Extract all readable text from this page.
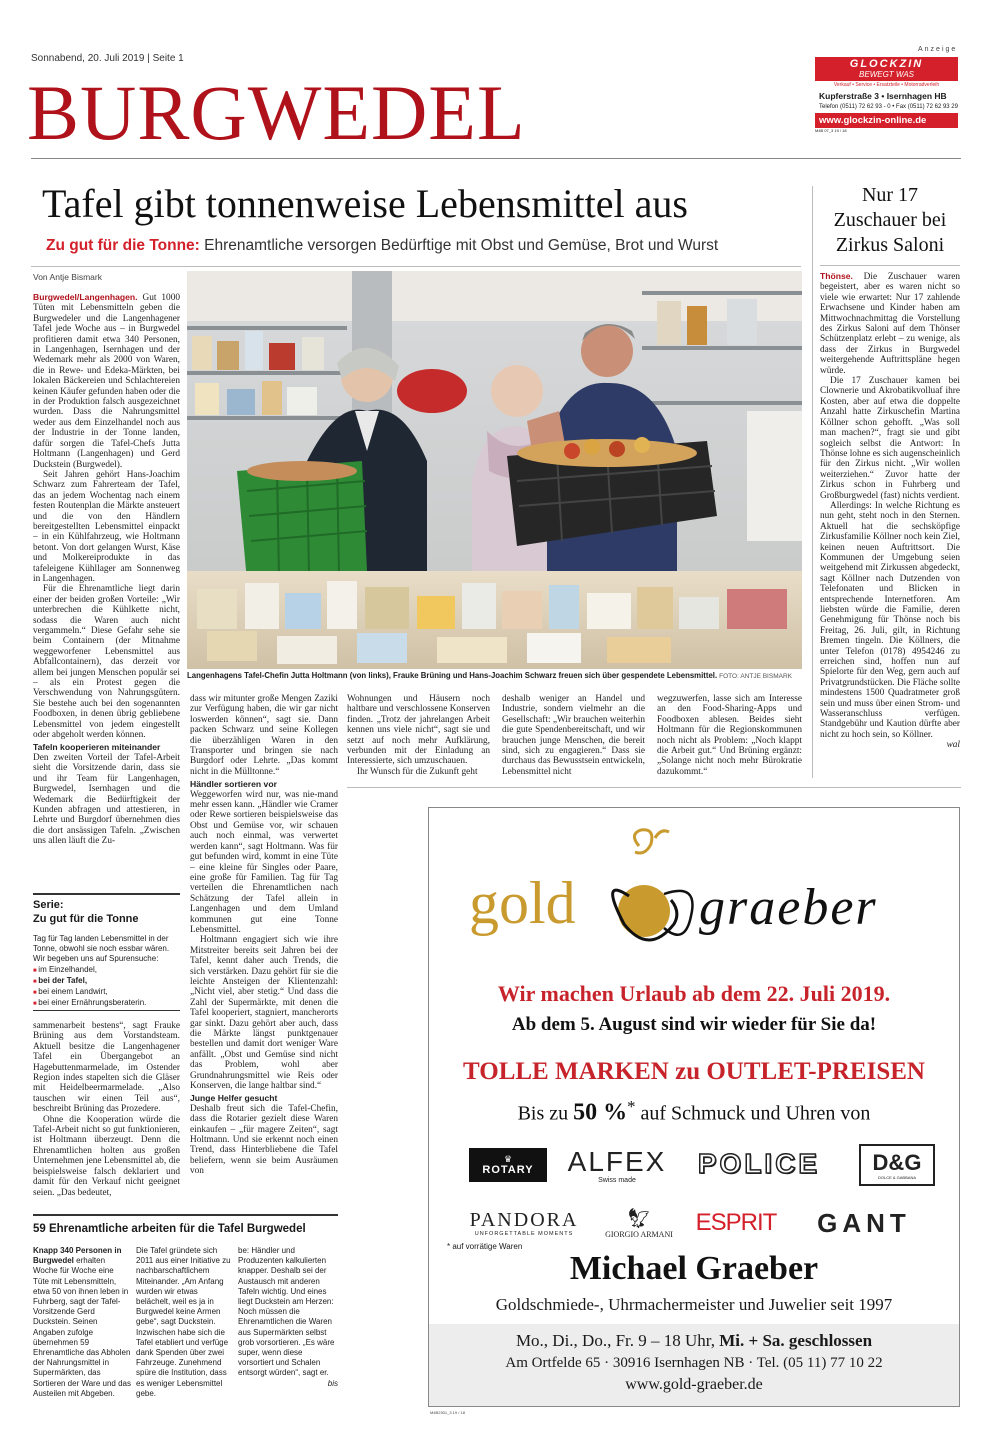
Sonnabend, 20. Juli 2019 | Seite 1
BURGWEDEL
Anzeige
GLOCKZIN
BEWEGT WAS
Verkauf • Service • Ersatzteile • Motorradverleih
Kupferstraße 3 • Isernhagen HB
Telefon (0511) 72 62 93 - 0 • Fax (0511) 72 62 93 29
www.glockzin-online.de
M4B 07_3 19 / 18
Tafel gibt tonnenweise Lebensmittel aus
Zu gut für die Tonne: Ehrenamtliche versorgen Bedürftige mit Obst und Gemüse, Brot und Wurst
Von Antje Bismark
Langenhagens Tafel-Chefin Jutta Holtmann (von links), Frauke Brüning und Hans-Joachim Schwarz freuen sich über gespendete Lebensmittel. FOTO: ANTJE BISMARK

Burgwedel/Langenhagen. Gut 1000 Tüten mit Lebensmitteln geben die Burgwedeler und die Langenhagener Tafel jede Woche aus – in Burgwedel profitieren damit etwa 340 Personen, in Langenhagen, Isernhagen und der Wedemark mehr als 2000 von Waren, die in Rewe- und Edeka-Märkten, bei lokalen Bäckereien und Schlachtereien keinen Käufer gefunden haben oder die in der Produktion falsch ausgezeichnet wurden. Dass die Nahrungsmittel weder aus dem Einzelhandel noch aus der Industrie in der Tonne landen, dafür sorgen die Tafel-Chefs Jutta Holtmann (Langenhagen) und Gerd Duckstein (Burgwedel).

Seit Jahren gehört Hans-Joachim Schwarz zum Fahrerteam der Tafel, das an jedem Wochentag nach einem festen Routenplan die Märkte ansteuert und die von den Händlern bereitgestellten Lebensmittel einpackt – in ein Kühlfahrzeug, wie Holtmann betont. Von dort gelangen Wurst, Käse und Molkereiprodukte in das tafeleigene Kühllager am Sonnenweg in Langenhagen.

Für die Ehrenamtliche liegt darin einer der beiden großen Vorteile: „Wir unterbrechen die Kühlkette nicht, sodass die Waren auch nicht vergammeln.“ Diese Gefahr sehe sie beim Containern (der Mitnahme weggeworfener Lebensmittel aus Abfallcontainern), das derzeit vor allem bei jungen Menschen populär sei – als ein Protest gegen die Verschwendung von Nahrungsgütern. Sie bestehe auch bei den sogenannten Foodboxen, in denen übrig gebliebene Lebensmittel von jedem eingestellt oder abgeholt werden können.

Tafeln kooperieren miteinander

Den zweiten Vorteil der Tafel-Arbeit sieht die Vorsitzende darin, dass sie und ihr Team für Langenhagen, Burgwedel, Isernhagen und die Wedemark die Bedürftigkeit der Kunden abfragen und attestieren, in Lehrte und Burgdorf übernehmen dies die dort ansässigen Tafeln. „Zwischen uns allen läuft die Zu-

Serie:
Zu gut für die Tonne
Tag für Tag landen Lebensmittel in der Tonne, obwohl sie noch essbar wären. Wir begeben uns auf Spurensuche:
■ im Einzelhandel,
■ bei der Tafel,
■ bei einem Landwirt,
■ bei einer Ernährungsberaterin.

sammenarbeit bestens“, sagt Frauke Brüning aus dem Vorstandsteam. Aktuell besitze die Langenhagener Tafel ein Übergangebot an Hagebuttenmarmelade, im Ostender Region indes stapelten sich die Gläser mit Heidelbeermarmelade. „Also tauschen wir einen Teil aus“, beschreibt Brüning das Prozedere.

Ohne die Kooperation würde die Tafel-Arbeit nicht so gut funktionieren, ist Holtmann überzeugt. Denn die Ehrenamtlichen holten aus großen Unternehmen jene Lebensmittel ab, die beispielsweise falsch deklariert und damit für den Verkauf nicht geeignet seien. „Das bedeutet,

dass wir mitunter große Mengen Zaziki zur Verfügung haben, die wir gar nicht loswerden können“, sagt sie. Dann packen Schwarz und seine Kollegen die überzähligen Waren in den Transporter und bringen sie nach Burgdorf oder Lehrte. „Das kommt nicht in die Mülltonne.“

Händler sortieren vor

Weggeworfen wird nur, was nie-mand mehr essen kann. „Händler wie Cramer oder Rewe sortieren beispielsweise das Obst und Gemüse vor, wir schauen auch noch einmal, was verwertet werden kann“, sagt Holtmann. Was für gut befunden wird, kommt in eine Tüte – eine kleine für Singles oder Paare, eine große für Familien. Tag für Tag verteilen die Ehrenamtlichen nach Schätzung der Tafel allein in Langenhagen und dem Umland kommunen gut eine Tonne Lebensmittel.

Holtmann engagiert sich wie ihre Mitstreiter bereits seit Jahren bei der Tafel, kennt daher auch Trends, die sich verstärken. Dazu gehört für sie die leichte Ansteigen der Klientenzahl: „Nicht viel, aber stetig.“ Und dass die Zahl der Supermärkte, mit denen die Tafel kooperiert, stagniert, mancherorts gar sinkt. Dazu gehört aber auch, dass die Märkte längst punktgenauer bestellen und damit dort weniger Ware anfällt. „Obst und Gemüse sind nicht das Problem, wohl aber Grundnahrungsmittel wie Reis oder Konserven, die lange haltbar sind.“

Junge Helfer gesucht

Deshalb freut sich die Tafel-Chefin, dass die Rotarier gezielt diese Waren einkaufen – „für magere Zeiten“, sagt Holtmann. Und sie erkennt noch einen Trend, dass Hinterbliebene die Tafel beliefern, wenn sie beim Ausräumen von

Wohnungen und Häusern noch haltbare und verschlossene Konserven finden. „Trotz der jahrelangen Arbeit kennen uns viele nicht“, sagt sie und setzt auf noch mehr Aufklärung, verbunden mit der Einladung an Interessierte, sich umzuschauen.

Ihr Wunsch für die Zukunft geht

deshalb weniger an Handel und Industrie, sondern vielmehr an die Gesellschaft: „Wir brauchen weiterhin die gute Spendenbereitschaft, und wir brauchen junge Menschen, die bereit sind, sich zu engagieren.“ Dass sie durchaus das Bewusstsein entwickeln, Lebensmittel nicht

wegzuwerfen, lasse sich am Interesse an den Food-Sharing-Apps und Foodboxen ablesen. Beides sieht Holtmann für die Regionskommunen noch nicht als Problem: „Noch klappt die Arbeit gut.“ Und Brüning ergänzt: „Solange nicht noch mehr Bürokratie dazukommt.“

Nur 17 Zuschauer bei Zirkus Saloni

Thönse. Die Zuschauer waren begeistert, aber es waren nicht so viele wie erwartet: Nur 17 zahlende Erwachsene und Kinder haben am Mittwochnachmittag die Vorstellung des Zirkus Saloni auf dem Thönser Schützenplatz erlebt – zu wenige, als dass der Zirkus in Burgwedel weitergehende Auftrittspläne hegen würde.

Die 17 Zuschauer kamen bei Clownerie und Akrobatikvolluaf ihre Kosten, aber auf etwa die doppelte Anzahl hatte Zirkuschefin Martina Köllner schon gehofft. „Was soll man machen?“, fragt sie und gibt sogleich selbst die Antwort: In Thönse lohne es sich augenscheinlich für den Zirkus nicht. „Wir wollen weiterziehen.“ Zuvor hatte der Zirkus schon in Fuhrberg und Großburgwedel (fast) nichts verdient.

Allerdings: In welche Richtung es nun geht, steht noch in den Sternen. Aktuell hat die sechsköpfige Zirkusfamilie Köllner noch kein Ziel, keinen neuen Auftrittsort. Die Kommunen der Umgebung seien weitgehend mit Zirkussen abgedeckt, sagt Köllner nach Dutzenden von Telefonaten und Blicken in entsprechende Internetforen. Am liebsten würde die Familie, deren Genehmigung für Thönse noch bis Freitag, 26. Juli, gilt, in Richtung Bremen tingeln. Die Köllners, die unter Telefon (0178) 4954246 zu erreichen sind, hoffen nun auf Spielorte für den Weg, gern auch auf Privatgrundstücken. Die Fläche sollte mindestens 1500 Quadratmeter groß sein und muss über einen Strom- und Wasseranschluss verfügen. Standgebühr und Kaution dürfte aber nicht zu hoch sein, so Köllner.

wal

59 Ehrenamtliche arbeiten für die Tafel Burgwedel
Knapp 340 Personen in Burgwedel erhalten Woche für Woche eine Tüte mit Lebensmitteln, etwa 50 von ihnen leben in Fuhrberg, sagt der Tafel-Vorsitzende Gerd Duckstein. Seinen Angaben zufolge übernehmen 59 Ehrenamtliche das Abholen der Nahrungsmittel in Supermärkten, das Sortieren der Ware und das Austeilen mit Abgeben.
Die Tafel gründete sich 2011 aus einer Initiative zu nachbarschaftlichem Miteinander. „Am Anfang wurden wir etwas belächelt, weil es ja in Burgwedel keine Armen gebe“, sagt Duckstein. Inzwischen habe sich die Tafel etabliert und verfüge dank Spenden über zwei Fahrzeuge. Zunehmend spüre die Institution, dass es weniger Lebensmittel gebe.
be: Händler und Produzenten kalkulierten knapper. Deshalb sei der Austausch mit anderen Tafeln wichtig. Und eines liegt Duckstein am Herzen: Noch müssen die Ehrenamtlichen die Waren aus Supermärkten selbst grob vorsortieren. „Es wäre super, wenn diese vorsortiert und Schalen entsorgt würden“, sagt er.
bis
gold graeber
Wir machen Urlaub ab dem 22. Juli 2019.
Ab dem 5. August sind wir wieder für Sie da!
TOLLE MARKEN zu OUTLET-PREISEN
Bis zu 50 %* auf Schmuck und Uhren von
♛
ROTARY ALFEX
Swiss made
POLICE D&G
DOLCE & GABBANA
PANDORA
UNFORGETTABLE MOMENTS
🦅︎
GIORGIO ARMANI ESPRIT GANT
* auf vorrätige Waren
Michael Graeber
Goldschmiede-, Uhrmachermeister und Juwelier seit 1997
Mo., Di., Do., Fr. 9 – 18 Uhr, Mi. + Sa. geschlossen
Am Ortfelde 65 · 30916 Isernhagen NB · Tel. (05 11) 77 10 22
www.gold-graeber.de
M4B2301_3 19 / 18
